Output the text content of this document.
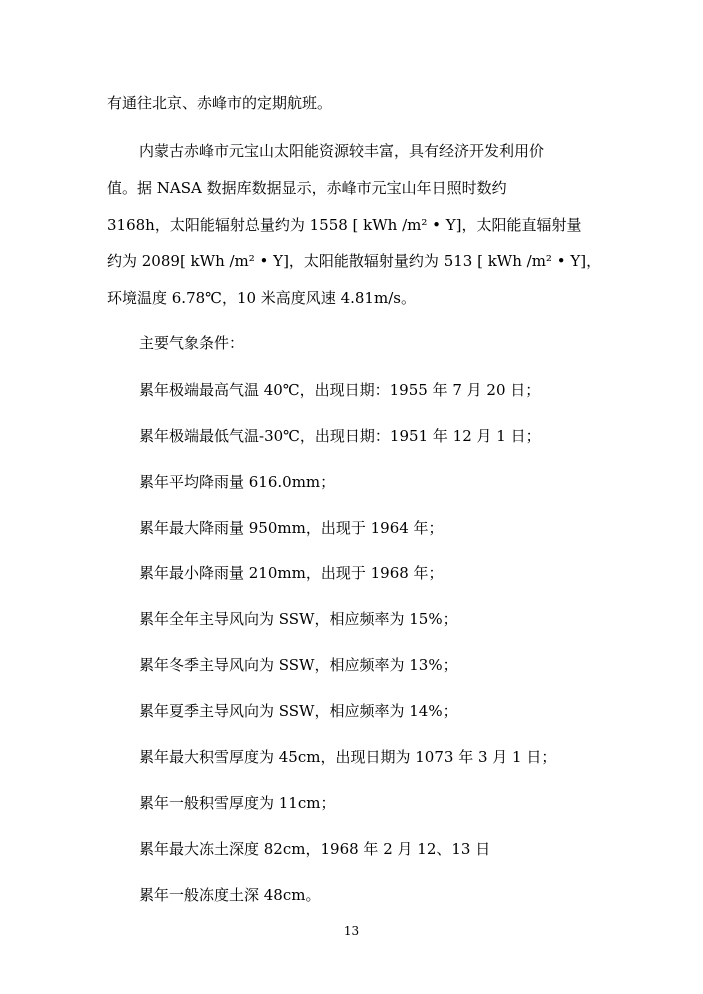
有通往北京、赤峰市的定期航班。
内蒙古赤峰市元宝山太阳能资源较丰富，具有经济开发利用价
值。据 NASA 数据库数据显示，赤峰市元宝山年日照时数约
3168h，太阳能辐射总量约为 1558 [ kWh /m² • Y]，太阳能直辐射量
约为 2089[ kWh /m² • Y]，太阳能散辐射量约为 513 [ kWh /m² • Y]，
环境温度 6.78℃，10 米高度风速 4.81m/s。
主要气象条件：
累年极端最高气温 40℃，出现日期：1955 年 7 月 20 日；
累年极端最低气温-30℃，出现日期：1951 年 12 月 1 日；
累年平均降雨量 616.0mm；
累年最大降雨量 950mm，出现于 1964 年；
累年最小降雨量 210mm，出现于 1968 年；
累年全年主导风向为 SSW，相应频率为 15%；
累年冬季主导风向为 SSW，相应频率为 13%；
累年夏季主导风向为 SSW，相应频率为 14%；
累年最大积雪厚度为 45cm，出现日期为 1073 年 3 月 1 日；
累年一般积雪厚度为 11cm；
累年最大冻土深度 82cm，1968 年 2 月 12、13 日
累年一般冻度土深 48cm。
13
